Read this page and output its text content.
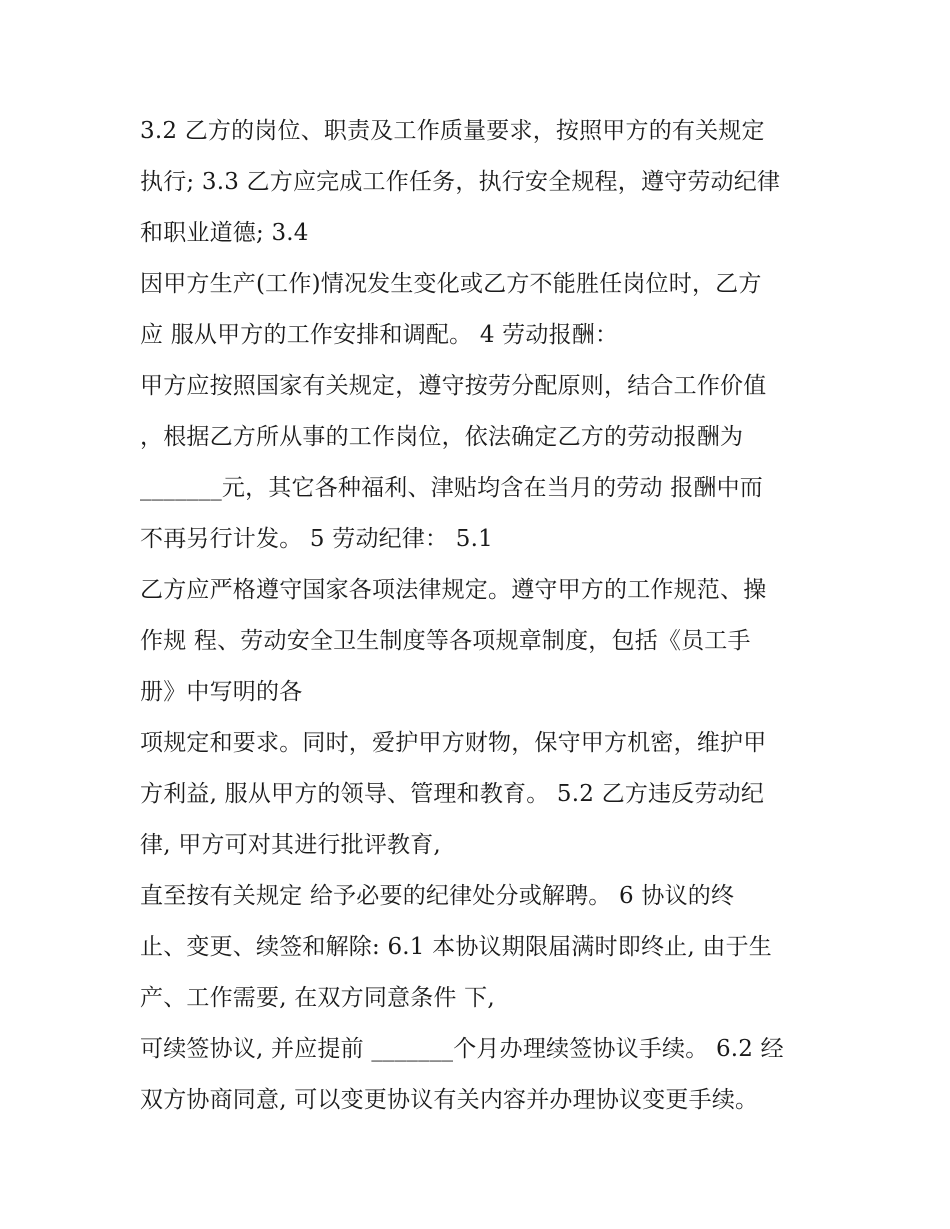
3.2 乙方的岗位、职责及工作质量要求，按照甲方的有关规定
执行; 3.3 乙方应完成工作任务，执行安全规程，遵守劳动纪律
和职业道德; 3.4
因甲方生产(工作)情况发生变化或乙方不能胜任岗位时，乙方
应 服从甲方的工作安排和调配。 4 劳动报酬：
甲方应按照国家有关规定，遵守按劳分配原则，结合工作价值
，根据乙方所从事的工作岗位，依法确定乙方的劳动报酬为
_______元，其它各种福利、津贴均含在当月的劳动 报酬中而
不再另行计发。 5 劳动纪律： 5.1
乙方应严格遵守国家各项法律规定。遵守甲方的工作规范、操
作规 程、劳动安全卫生制度等各项规章制度，包括《员工手
册》中写明的各
项规定和要求。同时，爱护甲方财物，保守甲方机密，维护甲
方利益, 服从甲方的领导、管理和教育。 5.2 乙方违反劳动纪
律, 甲方可对其进行批评教育,
直至按有关规定 给予必要的纪律处分或解聘。 6 协议的终
止、变更、续签和解除: 6.1 本协议期限届满时即终止, 由于生
产、工作需要, 在双方同意条件 下,
可续签协议, 并应提前 _______个月办理续签协议手续。 6.2 经
双方协商同意, 可以变更协议有关内容并办理协议变更手续。
